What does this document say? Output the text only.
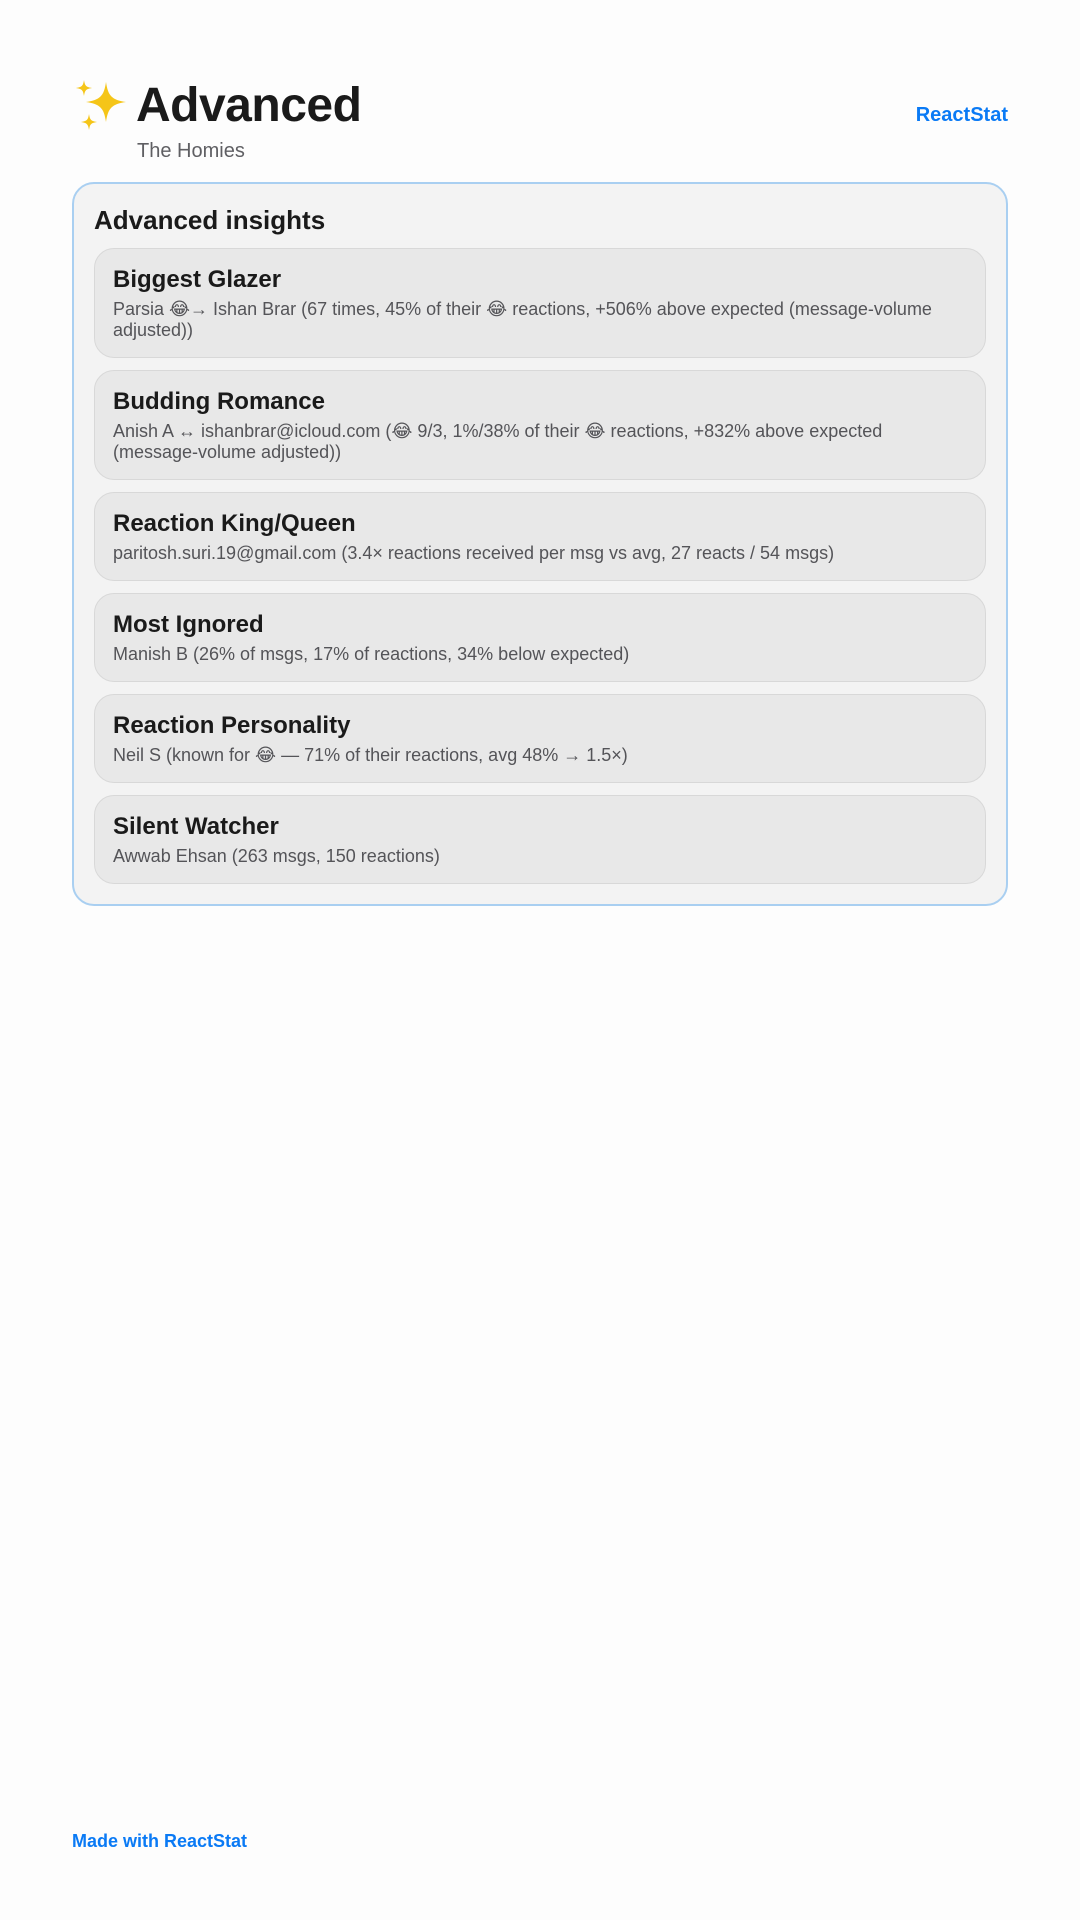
Advanced
The Homies
ReactStat
Advanced insights
Biggest Glazer
Parsia 😂→ Ishan Brar (67 times, 45% of their 😂 reactions, +506% above expected (message-volume adjusted))
Budding Romance
Anish A ↔ ishanbrar@icloud.com (😂 9/3, 1%/38% of their 😂 reactions, +832% above expected (message-volume adjusted))
Reaction King/Queen
paritosh.suri.19@gmail.com (3.4× reactions received per msg vs avg, 27 reacts / 54 msgs)
Most Ignored
Manish B (26% of msgs, 17% of reactions, 34% below expected)
Reaction Personality
Neil S (known for 😂 — 71% of their reactions, avg 48% → 1.5×)
Silent Watcher
Awwab Ehsan (263 msgs, 150 reactions)
Made with ReactStat
